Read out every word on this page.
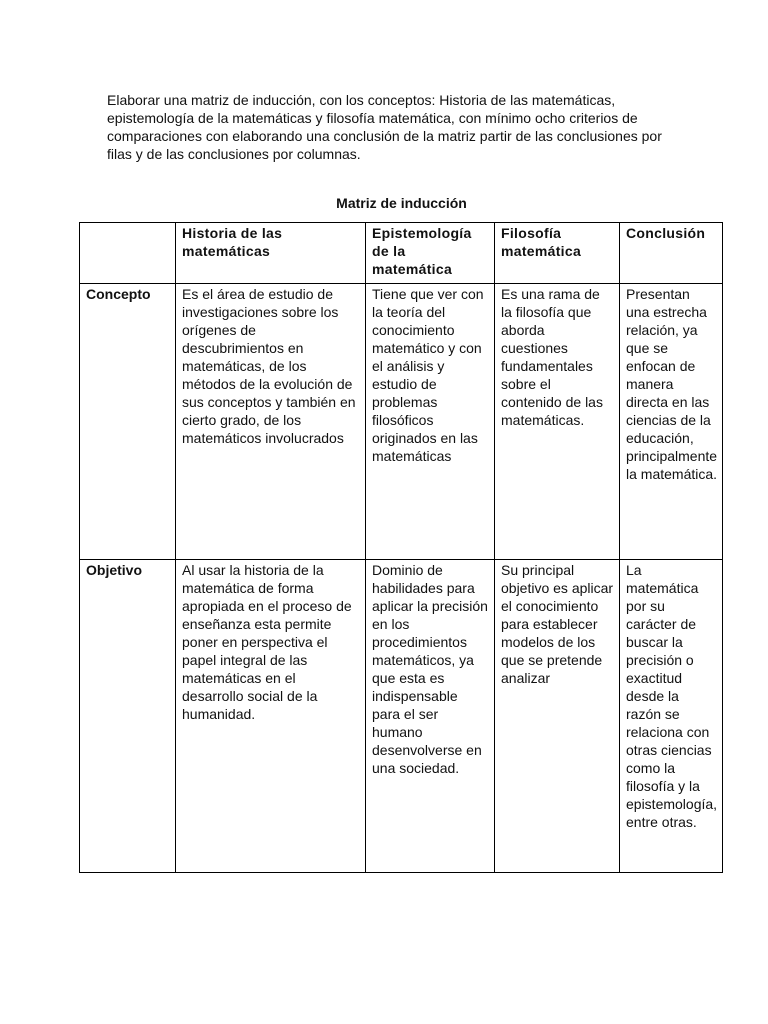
Elaborar una matriz de inducción, con los conceptos: Historia de las matemáticas, epistemología de la matemáticas y filosofía matemática, con mínimo ocho criterios de comparaciones con elaborando una conclusión de la matriz partir de las conclusiones por filas y de las conclusiones por columnas.

Matriz de inducción

	Historia de las matemáticas	Epistemología de la matemática	Filosofía matemática	Conclusión
Concepto	Es el área de estudio de investigaciones sobre los orígenes de descubrimientos en matemáticas, de los métodos de la evolución de sus conceptos y también en cierto grado, de los matemáticos involucrados	Tiene que ver con la teoría del conocimiento matemático y con el análisis y estudio de problemas filosóficos originados en las matemáticas	Es una rama de la filosofía que aborda cuestiones fundamentales sobre el contenido de las matemáticas.	Presentan una estrecha relación, ya que se enfocan de manera directa en las ciencias de la educación, principalmente la matemática.
Objetivo	Al usar la historia de la matemática de forma apropiada en el proceso de enseñanza esta permite poner en perspectiva el papel integral de las matemáticas en el desarrollo social de la humanidad.	Dominio de habilidades para aplicar la precisión en los procedimientos matemáticos, ya que esta es indispensable para el ser humano desenvolverse en una sociedad.	Su principal objetivo es aplicar el conocimiento para establecer modelos de los que se pretende analizar	La matemática por su carácter de buscar la precisión o exactitud desde la razón se relaciona con otras ciencias como la filosofía y la epistemología, entre otras.
